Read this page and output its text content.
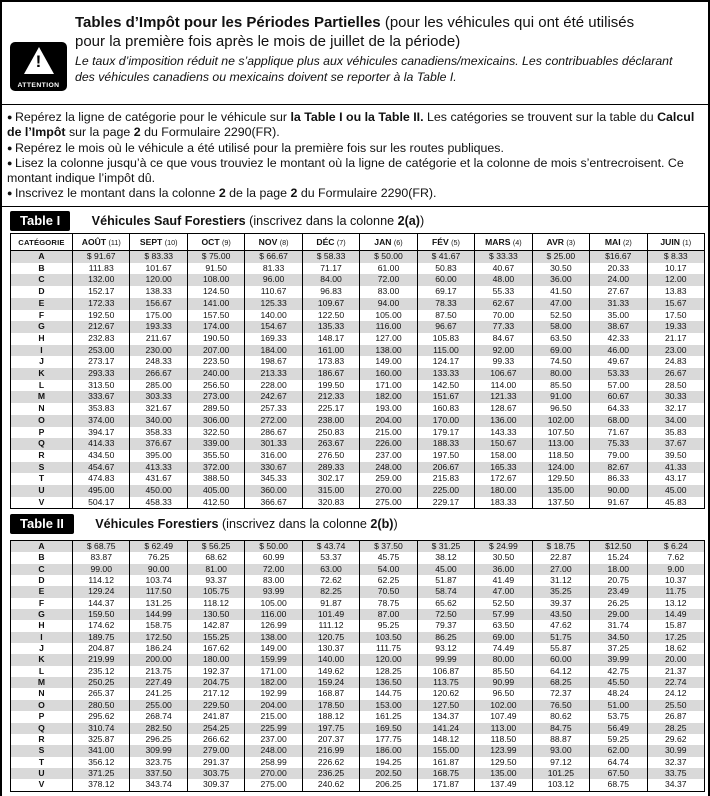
Tables d’Impôt pour les Périodes Partielles (pour les véhicules qui ont été utilisés pour la première fois après le mois de juillet de la période)
!
ATTENTION
Le taux d’imposition réduit ne s’applique plus aux véhicules canadiens/mexicains. Les contribuables déclarant des véhicules canadiens ou mexicains doivent se reporter à la Table I.
● Repérez la ligne de catégorie pour le véhicule sur la Table I ou la Table II. Les catégories se trouvent sur la table du Calcul de l’Impôt sur la page 2 du Formulaire 2290(FR).
● Repérez le mois où le véhicule a été utilisé pour la première fois sur les routes publiques.
● Lisez la colonne jusqu’à ce que vous trouviez le montant où la ligne de catégorie et la colonne de mois s’entrecroisent. Ce montant indique l’impôt dû.
● Inscrivez le montant dans la colonne 2 de la page 2 du Formulaire 2290(FR).
Table I Véhicules Sauf Forestiers (inscrivez dans la colonne 2(a))
CATÉGORIE	AOÛT (11)	SEPT (10)	OCT (9)	NOV (8)	DÉC (7)	JAN (6)	FÉV (5)	MARS (4)	AVR (3)	MAI (2)	JUIN (1)
A	$ 91.67	$ 83.33	$ 75.00	$ 66.67	$ 58.33	$ 50.00	$ 41.67	$ 33.33	$ 25.00	$16.67	$ 8.33
B	111.83	101.67	91.50	81.33	71.17	61.00	50.83	40.67	30.50	20.33	10.17
C	132.00	120.00	108.00	96.00	84.00	72.00	60.00	48.00	36.00	24.00	12.00
D	152.17	138.33	124.50	110.67	96.83	83.00	69.17	55.33	41.50	27.67	13.83
E	172.33	156.67	141.00	125.33	109.67	94.00	78.33	62.67	47.00	31.33	15.67
F	192.50	175.00	157.50	140.00	122.50	105.00	87.50	70.00	52.50	35.00	17.50
G	212.67	193.33	174.00	154.67	135.33	116.00	96.67	77.33	58.00	38.67	19.33
H	232.83	211.67	190.50	169.33	148.17	127.00	105.83	84.67	63.50	42.33	21.17
I	253.00	230.00	207.00	184.00	161.00	138.00	115.00	92.00	69.00	46.00	23.00
J	273.17	248.33	223.50	198.67	173.83	149.00	124.17	99.33	74.50	49.67	24.83
K	293.33	266.67	240.00	213.33	186.67	160.00	133.33	106.67	80.00	53.33	26.67
L	313.50	285.00	256.50	228.00	199.50	171.00	142.50	114.00	85.50	57.00	28.50
M	333.67	303.33	273.00	242.67	212.33	182.00	151.67	121.33	91.00	60.67	30.33
N	353.83	321.67	289.50	257.33	225.17	193.00	160.83	128.67	96.50	64.33	32.17
O	374.00	340.00	306.00	272.00	238.00	204.00	170.00	136.00	102.00	68.00	34.00
P	394.17	358.33	322.50	286.67	250.83	215.00	179.17	143.33	107.50	71.67	35.83
Q	414.33	376.67	339.00	301.33	263.67	226.00	188.33	150.67	113.00	75.33	37.67
R	434.50	395.00	355.50	316.00	276.50	237.00	197.50	158.00	118.50	79.00	39.50
S	454.67	413.33	372.00	330.67	289.33	248.00	206.67	165.33	124.00	82.67	41.33
T	474.83	431.67	388.50	345.33	302.17	259.00	215.83	172.67	129.50	86.33	43.17
U	495.00	450.00	405.00	360.00	315.00	270.00	225.00	180.00	135.00	90.00	45.00
V	504.17	458.33	412.50	366.67	320.83	275.00	229.17	183.33	137.50	91.67	45.83
Table II Véhicules Forestiers (inscrivez dans la colonne 2(b))
A	$ 68.75	$ 62.49	$ 56.25	$ 50.00	$ 43.74	$ 37.50	$ 31.25	$ 24.99	$ 18.75	$12.50	$ 6.24
B	83.87	76.25	68.62	60.99	53.37	45.75	38.12	30.50	22.87	15.24	7.62
C	99.00	90.00	81.00	72.00	63.00	54.00	45.00	36.00	27.00	18.00	9.00
D	114.12	103.74	93.37	83.00	72.62	62.25	51.87	41.49	31.12	20.75	10.37
E	129.24	117.50	105.75	93.99	82.25	70.50	58.74	47.00	35.25	23.49	11.75
F	144.37	131.25	118.12	105.00	91.87	78.75	65.62	52.50	39.37	26.25	13.12
G	159.50	144.99	130.50	116.00	101.49	87.00	72.50	57.99	43.50	29.00	14.49
H	174.62	158.75	142.87	126.99	111.12	95.25	79.37	63.50	47.62	31.74	15.87
I	189.75	172.50	155.25	138.00	120.75	103.50	86.25	69.00	51.75	34.50	17.25
J	204.87	186.24	167.62	149.00	130.37	111.75	93.12	74.49	55.87	37.25	18.62
K	219.99	200.00	180.00	159.99	140.00	120.00	99.99	80.00	60.00	39.99	20.00
L	235.12	213.75	192.37	171.00	149.62	128.25	106.87	85.50	64.12	42.75	21.37
M	250.25	227.49	204.75	182.00	159.24	136.50	113.75	90.99	68.25	45.50	22.74
N	265.37	241.25	217.12	192.99	168.87	144.75	120.62	96.50	72.37	48.24	24.12
O	280.50	255.00	229.50	204.00	178.50	153.00	127.50	102.00	76.50	51.00	25.50
P	295.62	268.74	241.87	215.00	188.12	161.25	134.37	107.49	80.62	53.75	26.87
Q	310.74	282.50	254.25	225.99	197.75	169.50	141.24	113.00	84.75	56.49	28.25
R	325.87	296.25	266.62	237.00	207.37	177.75	148.12	118.50	88.87	59.25	29.62
S	341.00	309.99	279.00	248.00	216.99	186.00	155.00	123.99	93.00	62.00	30.99
T	356.12	323.75	291.37	258.99	226.62	194.25	161.87	129.50	97.12	64.74	32.37
U	371.25	337.50	303.75	270.00	236.25	202.50	168.75	135.00	101.25	67.50	33.75
V	378.12	343.74	309.37	275.00	240.62	206.25	171.87	137.49	103.12	68.75	34.37
